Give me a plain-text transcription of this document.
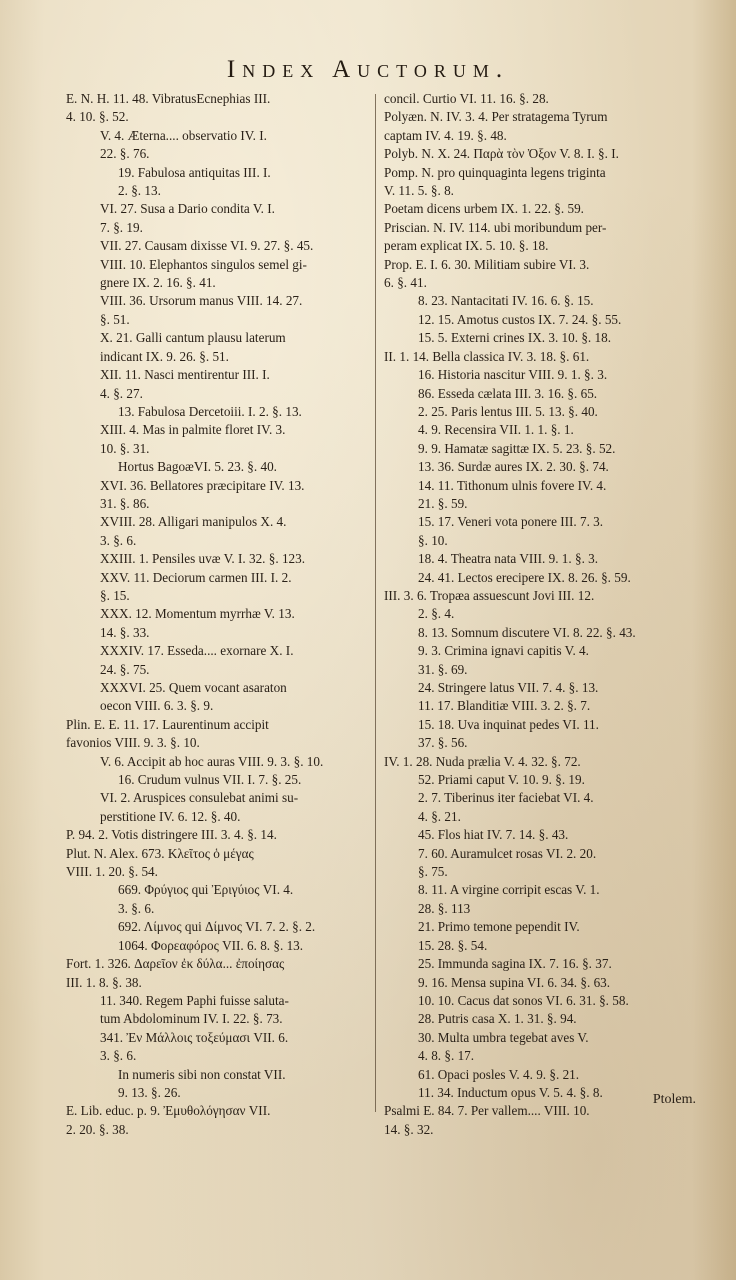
Index Auctorum.
E. N. H. 11. 48. VibratusEcnephias III.
4. 10. §. 52.
V. 4. Æterna.... observatio IV. I.
22. §. 76.
19. Fabulosa antiquitas III. I.
2. §. 13.
VI. 27. Susa a Dario condita V. I.
7. §. 19.
VII. 27. Causam dixisse VI. 9. 27. §. 45.
VIII. 10. Elephantos singulos semel gi-
gnere IX. 2. 16. §. 41.
VIII. 36. Ursorum manus VIII. 14. 27.
§. 51.
X. 21. Galli cantum plausu laterum
indicant IX. 9. 26. §. 51.
XII. 11. Nasci mentirentur III. I.
4. §. 27.
13. Fabulosa Dercetoiii. I. 2. §. 13.
XIII. 4. Mas in palmite floret IV. 3.
10. §. 31.
Hortus BagoæVI. 5. 23. §. 40.
XVI. 36. Bellatores præcipitare IV. 13.
31. §. 86.
XVIII. 28. Alligari manipulos X. 4.
3. §. 6.
XXIII. 1. Pensiles uvæ V. I. 32. §. 123.
XXV. 11. Deciorum carmen III. I. 2.
§. 15.
XXX. 12. Momentum myrrhæ V. 13.
14. §. 33.
XXXIV. 17. Esseda.... exornare X. I.
24. §. 75.
XXXVI. 25. Quem vocant asaraton
oecon VIII. 6. 3. §. 9.
Plin. E. E. 11. 17. Laurentinum accipit
favonios VIII. 9. 3. §. 10.
V. 6. Accipit ab hoc auras VIII. 9. 3. §. 10.
16. Crudum vulnus VII. I. 7. §. 25.
VI. 2. Aruspices consulebat animi su-
perstitione IV. 6. 12. §. 40.
P. 94. 2. Votis distringere III. 3. 4. §. 14.
Plut. N. Alex. 673. Κλεῖτος ὁ μέγας
VIII. 1. 20. §. 54.
669. Φρύγιος qui Ἐριγύιος VI. 4.
3. §. 6.
692. Λίμνος qui Δίμνος VI. 7. 2. §. 2.
1064. Φορεαφόρος VII. 6. 8. §. 13.
Fort. 1. 326. Δαρεῖον ἐκ δύλα... ἐποίησας
III. 1. 8. §. 38.
11. 340. Regem Paphi fuisse saluta-
tum Abdolominum IV. I. 22. §. 73.
341. Ἐν Μάλλοις τοξεύμασι VII. 6.
3. §. 6.
In numeris sibi non constat VII.
9. 13. §. 26.
E. Lib. educ. p. 9. Ἐμυθολόγησαν VII.
2. 20. §. 38.
concil. Curtio VI. 11. 16. §. 28.
Polyæn. N. IV. 3. 4. Per stratagema Tyrum
captam IV. 4. 19. §. 48.
Polyb. N. X. 24. Παρὰ τὸν Ὀξον V. 8. I. §. I.
Pomp. N. pro quinquaginta legens triginta
V. 11. 5. §. 8.
Poetam dicens urbem IX. 1. 22. §. 59.
Priscian. N. IV. 114. ubi moribundum per-
peram explicat IX. 5. 10. §. 18.
Prop. E. I. 6. 30. Militiam subire VI. 3.
6. §. 41.
8. 23. Nantacitati IV. 16. 6. §. 15.
12. 15. Amotus custos IX. 7. 24. §. 55.
15. 5. Externi crines IX. 3. 10. §. 18.
II. 1. 14. Bella classica IV. 3. 18. §. 61.
16. Historia nascitur VIII. 9. 1. §. 3.
86. Esseda cælata III. 3. 16. §. 65.
2. 25. Paris lentus III. 5. 13. §. 40.
4. 9. Recensira VII. 1. 1. §. 1.
9. 9. Hamatæ sagittæ IX. 5. 23. §. 52.
13. 36. Surdæ aures IX. 2. 30. §. 74.
14. 11. Tithonum ulnis fovere IV. 4.
21. §. 59.
15. 17. Veneri vota ponere III. 7. 3.
§. 10.
18. 4. Theatra nata VIII. 9. 1. §. 3.
24. 41. Lectos erecipere IX. 8. 26. §. 59.
III. 3. 6. Tropæa assuescunt Jovi III. 12.
2. §. 4.
8. 13. Somnum discutere VI. 8. 22. §. 43.
9. 3. Crimina ignavi capitis V. 4.
31. §. 69.
24. Stringere latus VII. 7. 4. §. 13.
11. 17. Blanditiæ VIII. 3. 2. §. 7.
15. 18. Uva inquinat pedes VI. 11.
37. §. 56.
IV. 1. 28. Nuda prælia V. 4. 32. §. 72.
52. Priami caput V. 10. 9. §. 19.
2. 7. Tiberinus iter faciebat VI. 4.
4. §. 21.
45. Flos hiat IV. 7. 14. §. 43.
7. 60. Auramulcet rosas VI. 2. 20.
§. 75.
8. 11. A virgine corripit escas V. 1.
28. §. 113
21. Primo temone pependit IV.
15. 28. §. 54.
25. Immunda sagina IX. 7. 16. §. 37.
9. 16. Mensa supina VI. 6. 34. §. 63.
10. 10. Cacus dat sonos VI. 6. 31. §. 58.
28. Putris casa X. 1. 31. §. 94.
30. Multa umbra tegebat aves V.
4. 8. §. 17.
61. Opaci posles V. 4. 9. §. 21.
11. 34. Inductum opus V. 5. 4. §. 8.
Psalmi E. 84. 7. Per vallem.... VIII. 10.
14. §. 32.
Ptolem.
